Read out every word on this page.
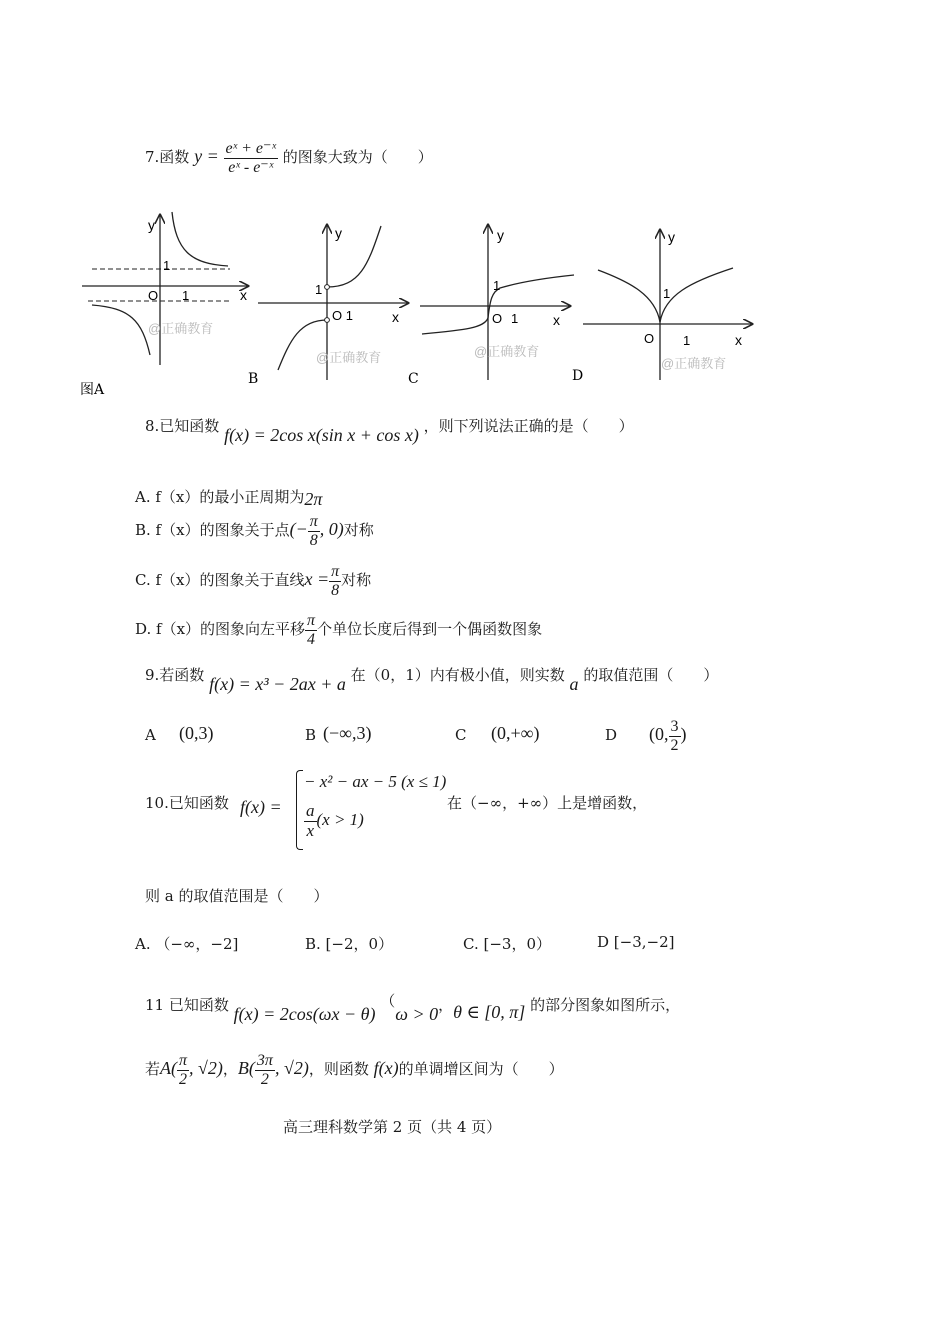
7.函数 $y = \frac{\text{eˣ + e⁻ˣ}}{\text{eˣ - e⁻ˣ}}$ 的图象大致为（　　）
y
x
1
O 1
@正确教育
y
x
1
O 1
@正确教育
y
x
1
O 1
@正确教育
y
x
1
O 1
@正确教育
图A
B	C	D
8.已知函数 f(x) = 2cos x(sin x + cos x) ，则下列说法正确的是（　　）
A. f（x）的最小正周期为2π
B. f（x）的图象关于点(− $\frac{\pi}{8}$ , 0)对称
C. f（x）的图象关于直线$x = \frac{\pi}{8}$ 对称
D. f（x）的图象向左平移 $\frac{\pi}{4}$ 个单位长度后得到一个偶函数图象
9.若函数 f(x) = x³ − 2ax + a 在（0，1）内有极小值，则实数 a 的取值范围（　　）
A (0,3)	B (−∞,3)	C (0,+∞)	D (0, $\frac{3}{2}$ )
10.已知函数 f(x) =
− x² − ax − 5 (x ≤ 1)
$\frac{a}{x} (x > 1)$
在（−∞，+∞）上是增函数，
则 a 的取值范围是（　　）
A. （−∞，−2]	B. [−2，0）	C. [−3，0）	D [−3,−2]
11 已知函数 f(x) = 2cos(ωx − θ) （ω > 0，θ ∈ [0, π] 的部分图象如图所示，
若$A( \frac{\pi}{2}$ , √2)，$B( \frac{3\pi}{2}$ , √2)，则函数 f(x)的单调增区间为（　　）
高三理科数学第 2 页（共 4 页）
